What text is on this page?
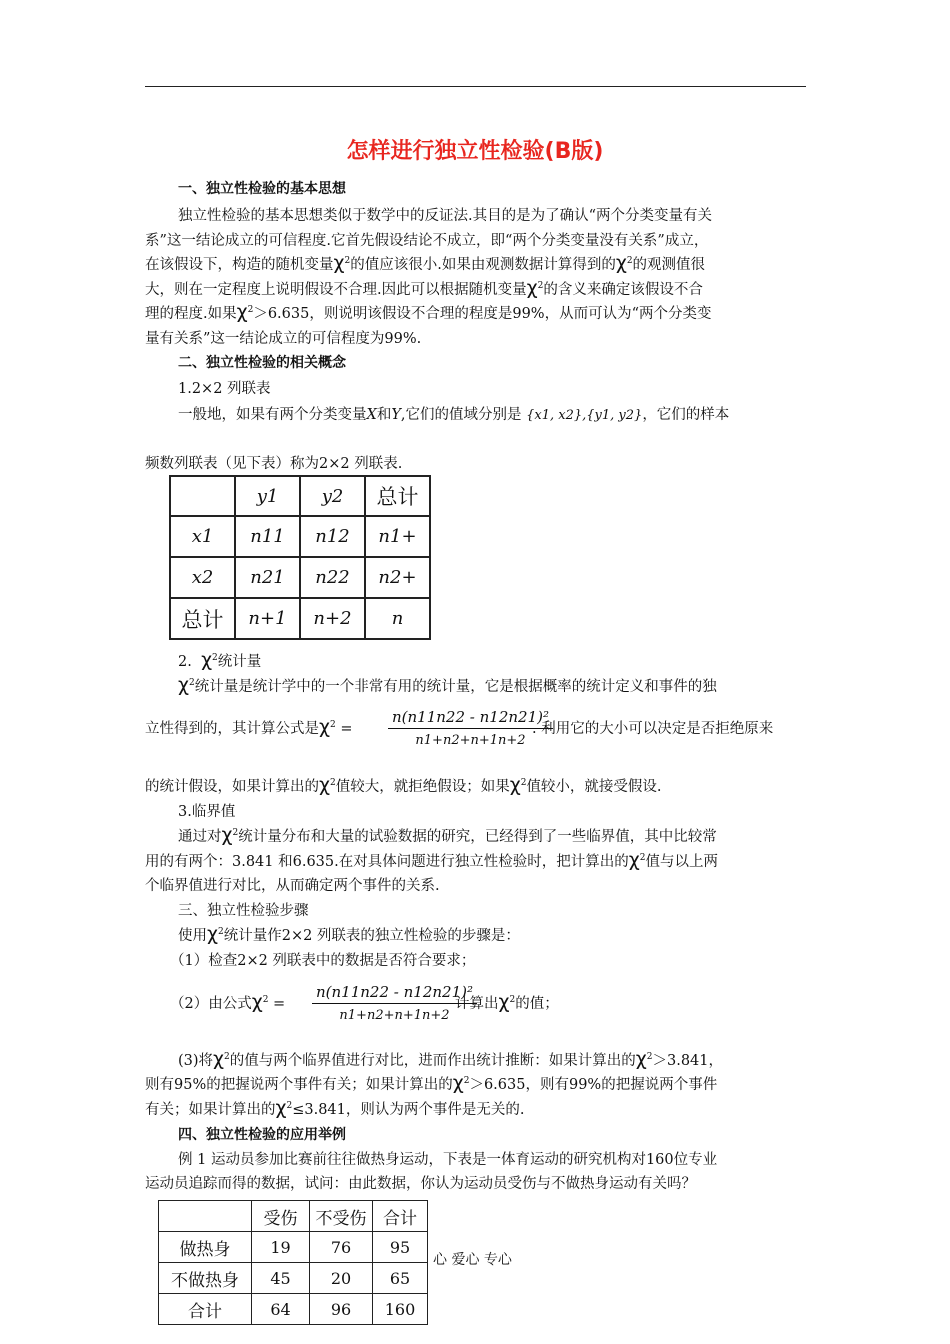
怎样进行独立性检验(B版)
一、独立性检验的基本思想
独立性检验的基本思想类似于数学中的反证法.其目的是为了确认“两个分类变量有关
系”这一结论成立的可信程度.它首先假设结论不成立，即“两个分类变量没有关系”成立，
在该假设下，构造的随机变量$\chi^2$的值应该很小.如果由观测数据计算得到的$\chi^2$的观测值很
大，则在一定程度上说明假设不合理.因此可以根据随机变量$\chi^2$的含义来确定该假设不合
理的程度.如果$\chi^2>6.635$，则说明该假设不合理的程度是99%，从而可认为“两个分类变
量有关系”这一结论成立的可信程度为99%.
二、独立性检验的相关概念
1.2×2 列联表
一般地，如果有两个分类变量X和Y,它们的值域分别是 {x1, x2},{y1, y2}，它们的样本
频数列联表（见下表）称为2×2 列联表.
	y1	y2	总计
x1	n11	n12	n1+
x2	n21	n22	n2+
总计	n+1	n+2	n
2. $\chi^2$统计量
$\chi^2$统计量是统计学中的一个非常有用的统计量，它是根据概率的统计定义和事件的独
立性得到的，其计算公式是$\chi^2 = \frac{\text{n(n11n22 - n12n21)²}}{n1+n2+n+1n+2}$
. 利用它的大小可以决定是否拒绝原来
的统计假设，如果计算出的$\chi^2$值较大，就拒绝假设；如果$\chi^2$值较小，就接受假设.
3.临界值
通过对$\chi^2$统计量分布和大量的试验数据的研究，已经得到了一些临界值，其中比较常
用的有两个：3.841 和6.635.在对具体问题进行独立性检验时，把计算出的$\chi^2$值与以上两
个临界值进行对比，从而确定两个事件的关系.
三、独立性检验步骤
使用$\chi^2$统计量作2×2 列联表的独立性检验的步骤是：
（1）检查2×2 列联表中的数据是否符合要求；
（2）由公式$\chi^2 = \frac{\text{n(n11n22 - n12n21)²}}{n1+n2+n+1n+2}$
计算出$\chi^2$的值；
(3)将$\chi^2$的值与两个临界值进行对比，进而作出统计推断：如果计算出的$\chi^2>3.841$，
则有95%的把握说两个事件有关；如果计算出的$\chi^2>6.635$，则有99%的把握说两个事件
有关；如果计算出的$\chi^2\le 3.841$，则认为两个事件是无关的.
四、独立性检验的应用举例
例 1 运动员参加比赛前往往做热身运动，下表是一体育运动的研究机构对160位专业
运动员追踪而得的数据，试问：由此数据，你认为运动员受伤与不做热身运动有关吗？
	受伤	不受伤	合计
做热身	19	76	95
不做热身	45	20	65
合计	64	96	160
心 爱心 专心
